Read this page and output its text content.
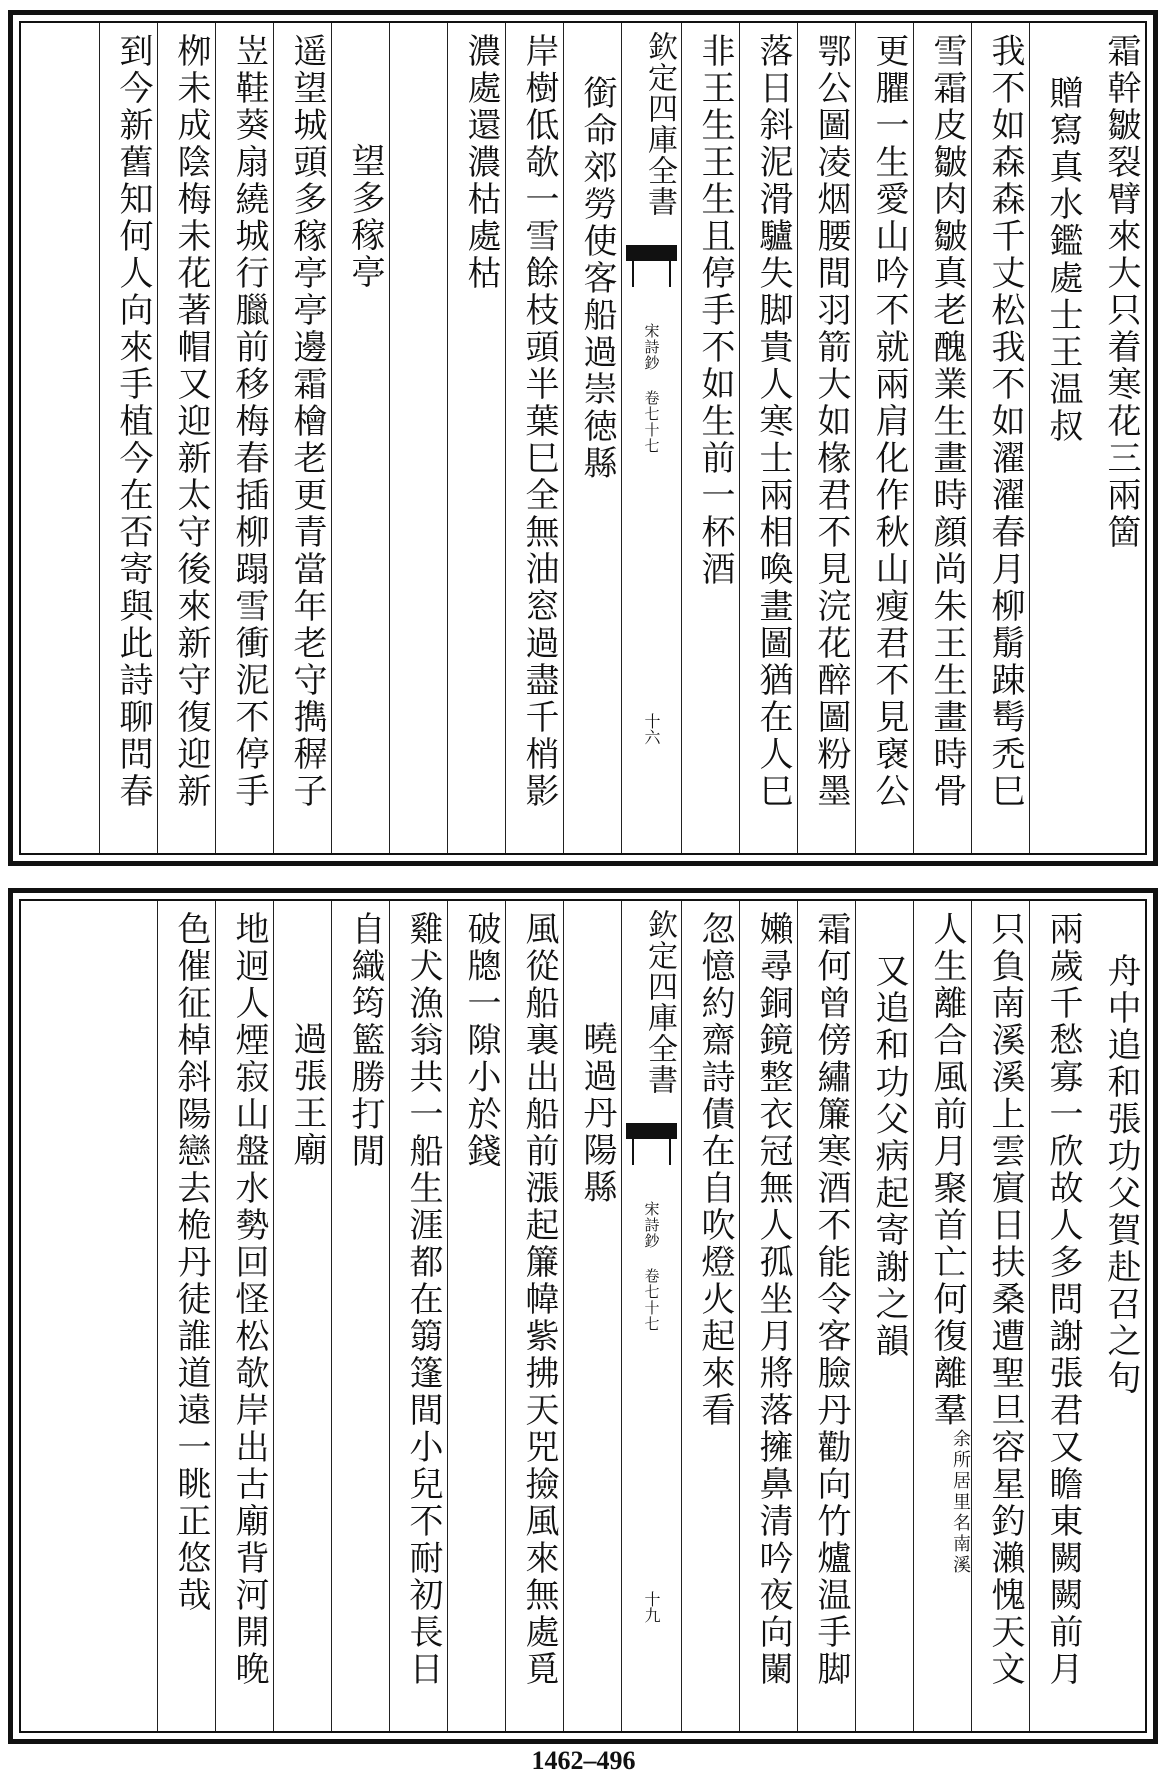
霜幹皺裂臂來大只着寒花三兩箇
贈寫真水鑑處士王温叔
我不如森森千丈松我不如濯濯春月柳鬅踈髩禿巳
雪霜皮皺肉皺真老醜業生畫時顔尚朱王生畫時骨
更臞一生愛山吟不就兩肩化作秋山瘦君不見襃公
鄂公圖凌烟腰間羽箭大如椽君不見浣花醉圖粉墨
落日斜泥滑驢失脚貴人寒士兩相喚畫圖猶在人巳
非王生王生且停手不如生前一杯酒
欽定四庫全書
宋詩鈔 卷七十七
十六
銜命郊勞使客船過崇徳縣
岸樹低欹一雪餘枝頭半葉巳全無油窓過盡千梢影
濃處還濃枯處枯
望多稼亭
遥望城頭多稼亭亭邊霜檜老更青當年老守擕稺子
岦鞋葵扇繞城行臘前移梅春插柳蹋雪衝泥不停手
栁未成陰梅未花著帽又迎新太守後來新守復迎新
到今新舊知何人向來手植今在否寄與此詩聊問春
舟中追和張功父賀赴召之句
兩歲千愁寡一欣故人多問謝張君又瞻東闕闕前月
只負南溪溪上雲賔日扶桑遭聖旦容星釣瀨愧天文
人生離合風前月聚首亡何復離羣
余所居里名南溪
又追和功父病起寄謝之韻
霜何曾傍繡簾寒酒不能令客臉丹勸向竹爐温手脚
嬾尋銅鏡整衣冠無人孤坐月將落擁鼻清吟夜向闌
忽憶約齋詩債在自吹燈火起來看
欽定四庫全書
宋詩鈔 卷七十七
十九
曉過丹陽縣
風從船裏出船前漲起簾幃紫拂天兕撿風來無處覓
破牕一隙小於錢
雞犬漁翁共一船生涯都在篛篷間小兒不耐初長日
自織筠籃勝打閒
過張王廟
地迥人煙寂山盤水勢回怪松欹岸出古廟背河開晚
色催征棹斜陽戀去桅丹徒誰道遠一眺正悠哉
1462–496
